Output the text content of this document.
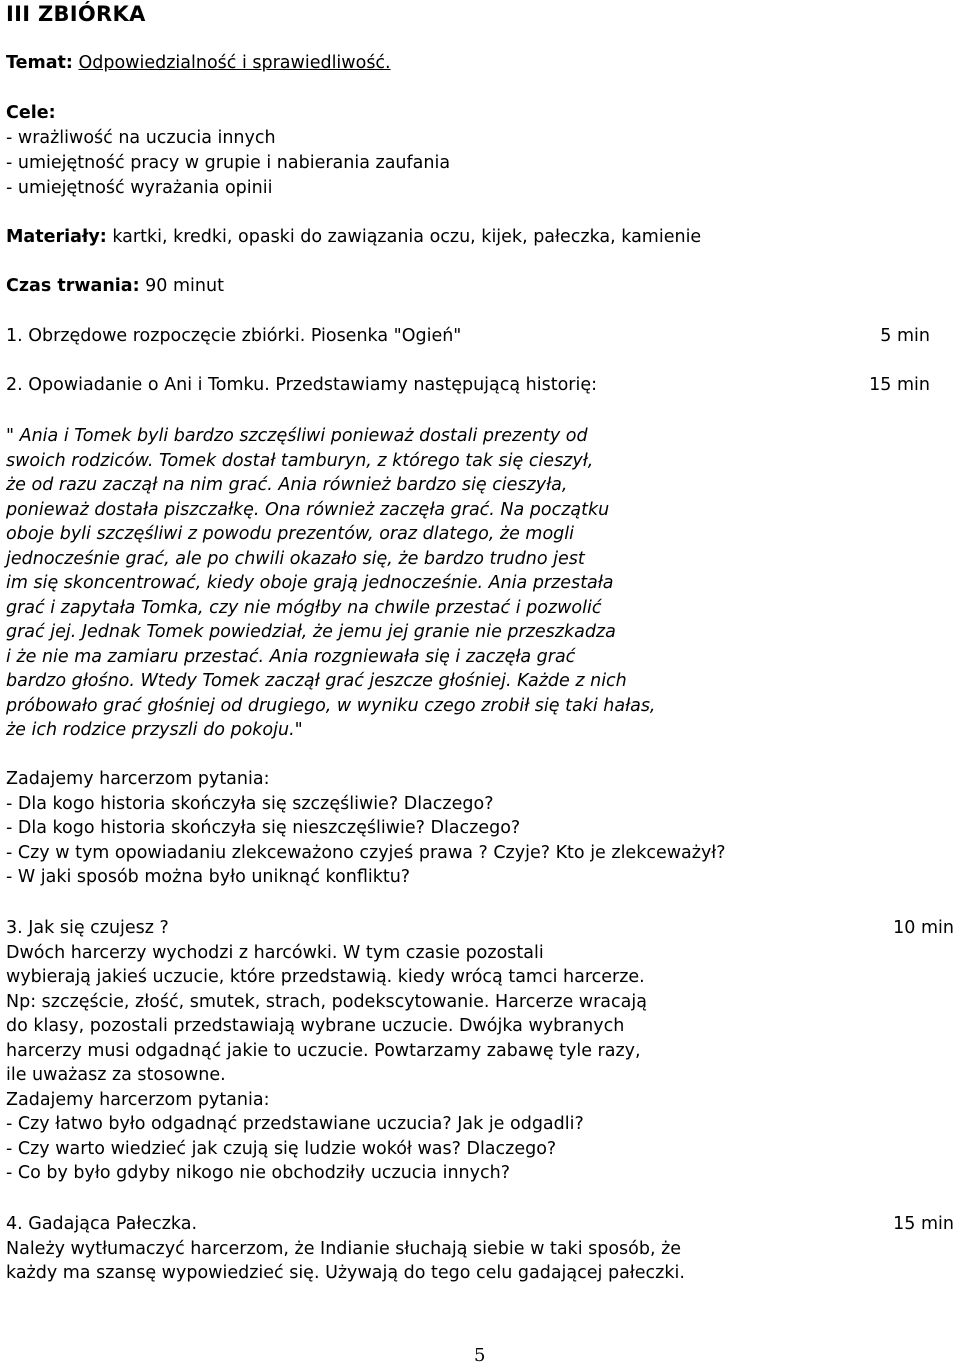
III ZBIÓRKA
Temat: Odpowiedzialność i sprawiedliwość.
Cele:
- wrażliwość na uczucia innych
- umiejętność pracy w grupie i nabierania zaufania
- umiejętność wyrażania opinii
Materiały: kartki, kredki, opaski do zawiązania oczu, kijek, pałeczka, kamienie
Czas trwania: 90 minut
1. Obrzędowe rozpoczęcie zbiórki. Piosenka "Ogień"	5 min
2. Opowiadanie o Ani i Tomku. Przedstawiamy następującą historię:	15 min
" Ania i Tomek byli bardzo szczęśliwi ponieważ dostali prezenty od
swoich rodziców. Tomek dostał tamburyn, z którego tak się cieszył,
że od razu zaczął na nim grać. Ania również bardzo się cieszyła,
ponieważ dostała piszczałkę. Ona również zaczęła grać. Na początku
oboje byli szczęśliwi z powodu prezentów, oraz dlatego, że mogli
jednocześnie grać, ale po chwili okazało się, że bardzo trudno jest
im się skoncentrować, kiedy oboje grają jednocześnie. Ania przestała
grać i zapytała Tomka, czy nie mógłby na chwile przestać i pozwolić
grać jej. Jednak Tomek powiedział, że jemu jej granie nie przeszkadza
i że nie ma zamiaru przestać. Ania rozgniewała się i zaczęła grać
bardzo głośno. Wtedy Tomek zaczął grać jeszcze głośniej. Każde z nich
próbowało grać głośniej od drugiego, w wyniku czego zrobił się taki hałas,
że ich rodzice przyszli do pokoju."
Zadajemy harcerzom pytania:
- Dla kogo historia skończyła się szczęśliwie? Dlaczego?
- Dla kogo historia skończyła się nieszczęśliwie? Dlaczego?
- Czy w tym opowiadaniu zlekceważono czyjeś prawa ? Czyje? Kto je zlekceważył?
- W jaki sposób można było uniknąć konfliktu?
3. Jak się czujesz ?	10 min
Dwóch harcerzy wychodzi z harcówki. W tym czasie pozostali
wybierają jakieś uczucie, które przedstawią. kiedy wrócą tamci harcerze.
Np: szczęście, złość, smutek, strach, podekscytowanie. Harcerze wracają
do klasy, pozostali przedstawiają wybrane uczucie. Dwójka wybranych
harcerzy musi odgadnąć jakie to uczucie. Powtarzamy zabawę tyle razy,
ile uważasz za stosowne.
Zadajemy harcerzom pytania:
- Czy łatwo było odgadnąć przedstawiane uczucia? Jak je odgadli?
- Czy warto wiedzieć jak czują się ludzie wokół was? Dlaczego?
- Co by było gdyby nikogo nie obchodziły uczucia innych?
4. Gadająca Pałeczka.	15 min
Należy wytłumaczyć harcerzom, że Indianie słuchają siebie w taki sposób, że
każdy ma szansę wypowiedzieć się. Używają do tego celu gadającej pałeczki.
5
